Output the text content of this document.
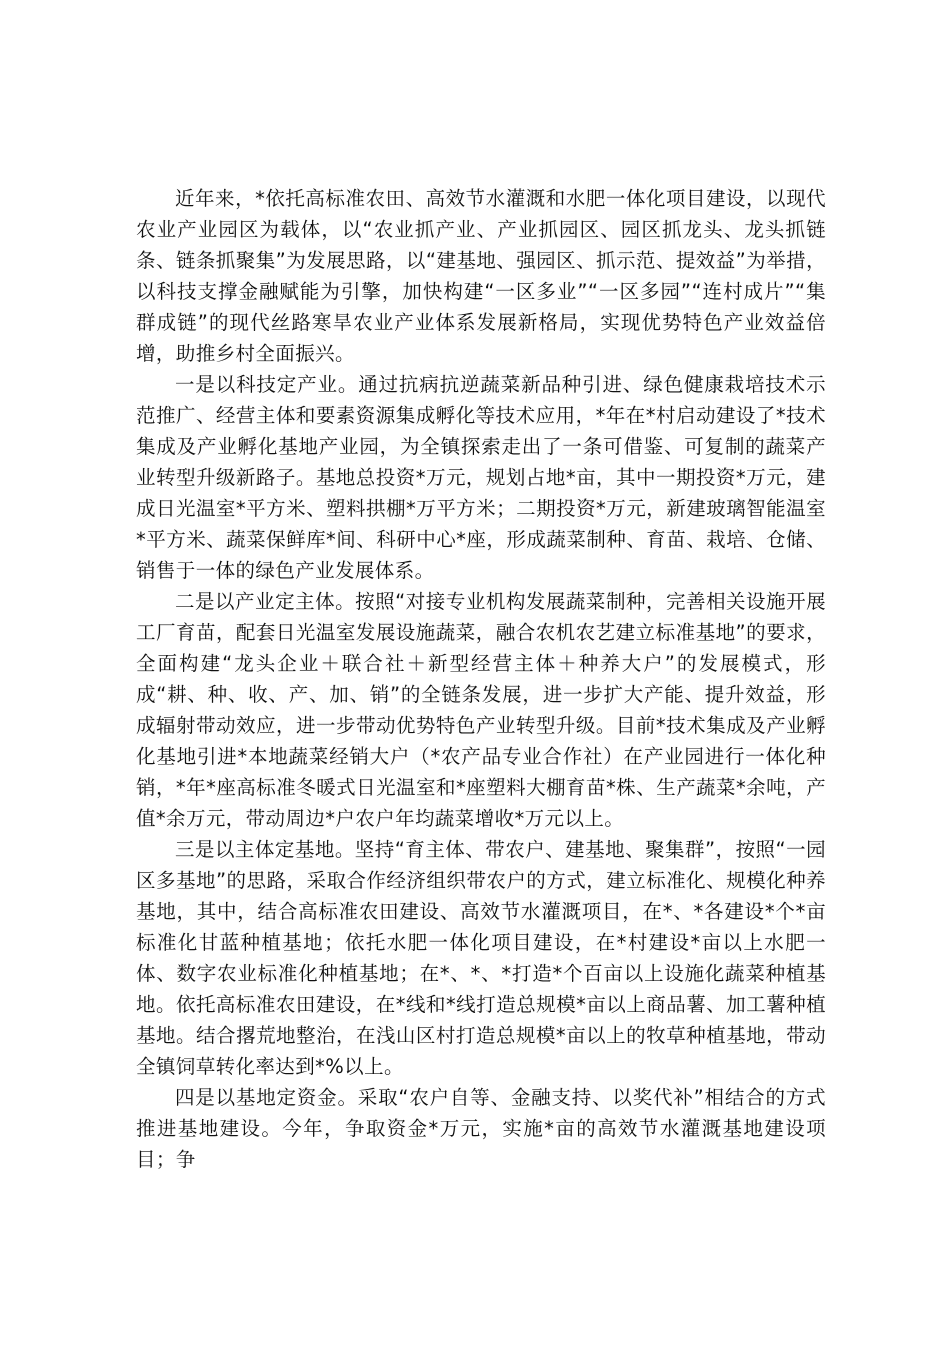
近年来，*依托高标准农田、高效节水灌溉和水肥一体化项目建设，以现代农业产业园区为载体，以“农业抓产业、产业抓园区、园区抓龙头、龙头抓链条、链条抓聚集”为发展思路，以“建基地、强园区、抓示范、提效益”为举措，以科技支撑金融赋能为引擎，加快构建“一区多业”“一区多园”“连村成片”“集群成链”的现代丝路寒旱农业产业体系发展新格局，实现优势特色产业效益倍增，助推乡村全面振兴。

一是以科技定产业。通过抗病抗逆蔬菜新品种引进、绿色健康栽培技术示范推广、经营主体和要素资源集成孵化等技术应用，*年在*村启动建设了*技术集成及产业孵化基地产业园，为全镇探索走出了一条可借鉴、可复制的蔬菜产业转型升级新路子。基地总投资*万元，规划占地*亩，其中一期投资*万元，建成日光温室*平方米、塑料拱棚*万平方米；二期投资*万元，新建玻璃智能温室*平方米、蔬菜保鲜库*间、科研中心*座，形成蔬菜制种、育苗、栽培、仓储、销售于一体的绿色产业发展体系。

二是以产业定主体。按照“对接专业机构发展蔬菜制种，完善相关设施开展工厂育苗，配套日光温室发展设施蔬菜，融合农机农艺建立标准基地”的要求，全面构建“龙头企业＋联合社＋新型经营主体＋种养大户”的发展模式，形成“耕、种、收、产、加、销”的全链条发展，进一步扩大产能、提升效益，形成辐射带动效应，进一步带动优势特色产业转型升级。目前*技术集成及产业孵化基地引进*本地蔬菜经销大户（*农产品专业合作社）在产业园进行一体化种销，*年*座高标准冬暖式日光温室和*座塑料大棚育苗*株、生产蔬菜*余吨，产值*余万元，带动周边*户农户年均蔬菜增收*万元以上。

三是以主体定基地。坚持“育主体、带农户、建基地、聚集群”，按照“一园区多基地”的思路，采取合作经济组织带农户的方式，建立标准化、规模化种养基地，其中，结合高标准农田建设、高效节水灌溉项目，在*、*各建设*个*亩标准化甘蓝种植基地；依托水肥一体化项目建设，在*村建设*亩以上水肥一体、数字农业标准化种植基地；在*、*、*打造*个百亩以上设施化蔬菜种植基地。依托高标准农田建设，在*线和*线打造总规模*亩以上商品薯、加工薯种植基地。结合撂荒地整治，在浅山区村打造总规模*亩以上的牧草种植基地，带动全镇饲草转化率达到*%以上。

四是以基地定资金。采取“农户自等、金融支持、以奖代补”相结合的方式推进基地建设。今年，争取资金*万元，实施*亩的高效节水灌溉基地建设项目；争
